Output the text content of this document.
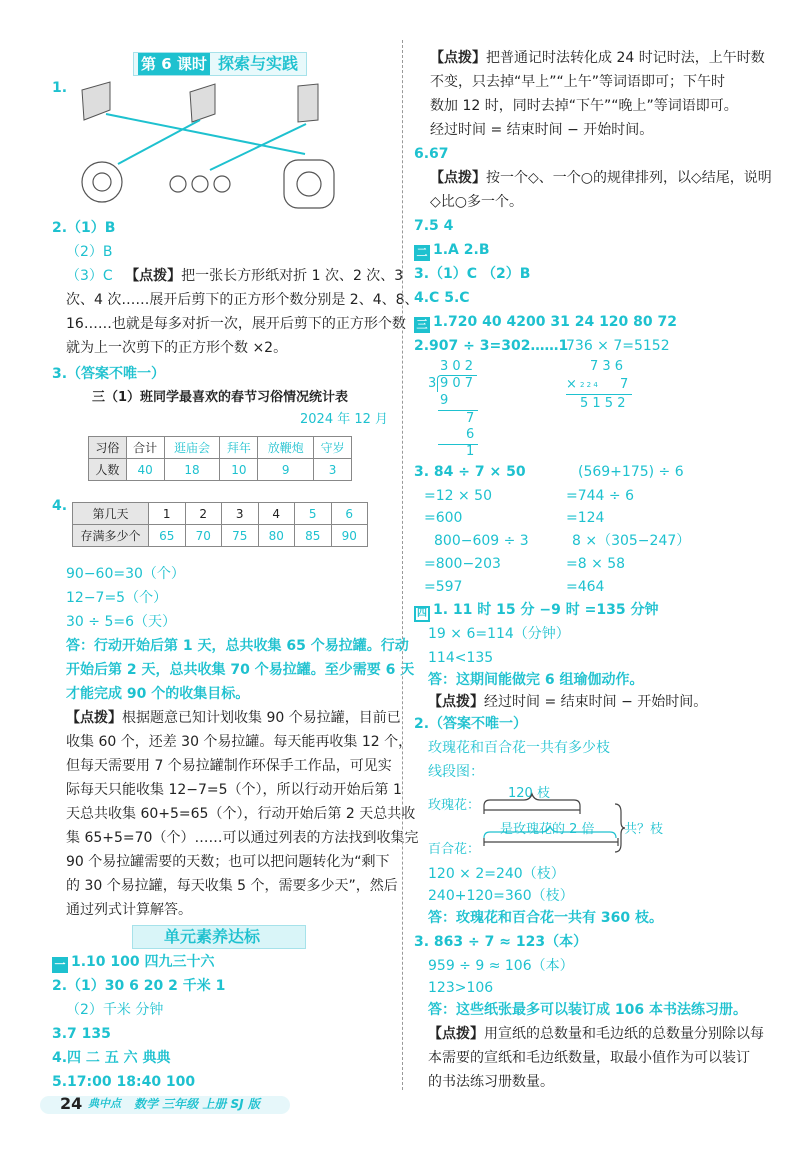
第 6 课时 探索与实践
1.
2.（1）B
（2）B
（3）C 【点拨】把一张长方形纸对折 1 次、2 次、3
次、4 次……展开后剪下的正方形个数分别是 2、4、8、
16……也就是每多对折一次，展开后剪下的正方形个数
就为上一次剪下的正方形个数 ×2。
3.（答案不唯一）
三（1）班同学最喜欢的春节习俗情况统计表
2024 年 12 月
习俗	合计	逛庙会	拜年	放鞭炮	守岁
人数	40	18	10	9	3
4. 第几天	1	2	3	4	5	6
存满多少个	65	70	75	80	85	90
90−60=30（个）
12−7=5（个）
30 ÷ 5=6（天）
答：行动开始后第 1 天，总共收集 65 个易拉罐。行动
开始后第 2 天，总共收集 70 个易拉罐。至少需要 6 天
才能完成 90 个的收集目标。
【点拨】根据题意已知计划收集 90 个易拉罐，目前已
收集 60 个，还差 30 个易拉罐。每天能再收集 12 个，
但每天需要用 7 个易拉罐制作环保手工作品，可见实
际每天只能收集 12−7=5（个），所以行动开始后第 1
天总共收集 60+5=65（个），行动开始后第 2 天总共收
集 65+5=70（个）……可以通过列表的方法找到收集完
90 个易拉罐需要的天数；也可以把问题转化为“剩下
的 30 个易拉罐，每天收集 5 个，需要多少天”，然后
通过列式计算解答。
单元素养达标
一 1.10 100 四九三十六
2.（1）30 6 20 2 千米 1
（2）千米 分钟
3.7 135
4.四 二 五 六 典典
5.17:00 18:40 100
24 典中点 数学 三年级 上册 SJ 版
【点拨】把普通记时法转化成 24 时记时法，上午时数
不变，只去掉“早上”“上午”等词语即可；下午时
数加 12 时，同时去掉“下午”“晚上”等词语即可。
经过时间 = 结束时间 − 开始时间。
6.67
【点拨】按一个◇、一个○的规律排列，以◇结尾，说明
◇比○多一个。
7.5 4
二 1.A 2.B
3.（1）C （2）B
4.C 5.C
三 1.720 40 4200 31 24 120 80 72
2.907 ÷ 3=302……1
736 × 7=5152
3 0 2
3 9 0 7
9
7
6
1
7 3 6
× 2 2 4 7
5 1 5 2
3. 84 ÷ 7 × 50
=12 × 50
=600
(569+175) ÷ 6
=744 ÷ 6
=124
800−609 ÷ 3
=800−203
=597
8 ×（305−247）
=8 × 58
=464
四 1. 11 时 15 分 −9 时 =135 分钟
19 × 6=114（分钟）
114<135
答：这期间能做完 6 组瑜伽动作。
【点拨】经过时间 = 结束时间 − 开始时间。
2.（答案不唯一）
玫瑰花和百合花一共有多少枝
线段图：
玫瑰花：
百合花：
120 枝
是玫瑰花的 2 倍 共？枝
120 × 2=240（枝）
240+120=360（枝）
答：玫瑰花和百合花一共有 360 枝。
3. 863 ÷ 7 ≈ 123（本）
959 ÷ 9 ≈ 106（本）
123>106
答：这些纸张最多可以装订成 106 本书法练习册。
【点拨】用宣纸的总数量和毛边纸的总数量分别除以每
本需要的宣纸和毛边纸数量，取最小值作为可以装订
的书法练习册数量。
